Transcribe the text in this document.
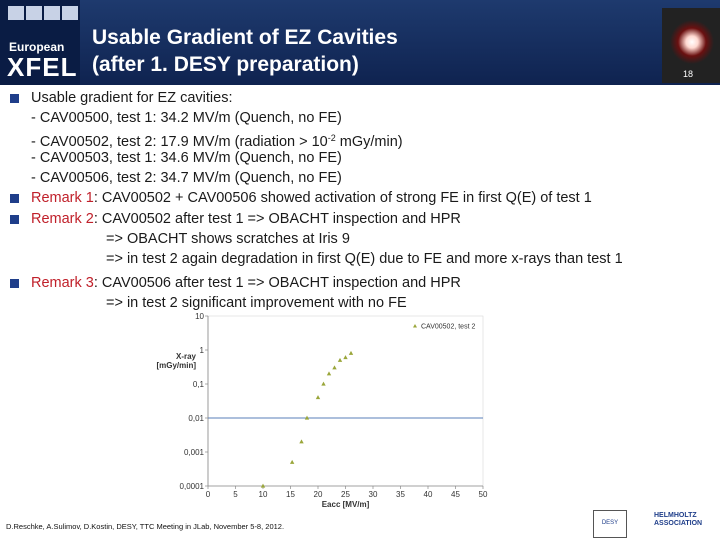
European
XFEL
Usable Gradient of EZ Cavities
(after 1. DESY preparation)	18
Usable gradient for EZ cavities:
- CAV00500, test 1: 34.2 MV/m (Quench, no FE)
- CAV00502, test 2: 17.9 MV/m (radiation > $10^{-2}$ mGy/min)
- CAV00503, test 1: 34.6 MV/m (Quench, no FE)
- CAV00506, test 2: 34.7 MV/m (Quench, no FE)
Remark 1: CAV00502 + CAV00506 showed activation of strong FE in first Q(E) of test 1
Remark 2: CAV00502 after test 1 => OBACHT inspection and HPR
=> OBACHT shows scratches at Iris 9
=> in test 2 again degradation in first Q(E) due to FE and more x-rays than test 1
Remark 3: CAV00506 after test 1 => OBACHT inspection and HPR
=> in test 2 significant improvement with no FE
10
1
0,1
0,01
0,001
0,0001
0	5	10 15 20 25 30 35 40 45 50
Eacc [MV/m]
X-ray
[mGy/min]
CAV00502, test 2
D.Reschke, A.Sulimov, D.Kostin, DESY, TTC Meeting in JLab, November 5-8, 2012.	DESY
HELMHOLTZ
ASSOCIATION
